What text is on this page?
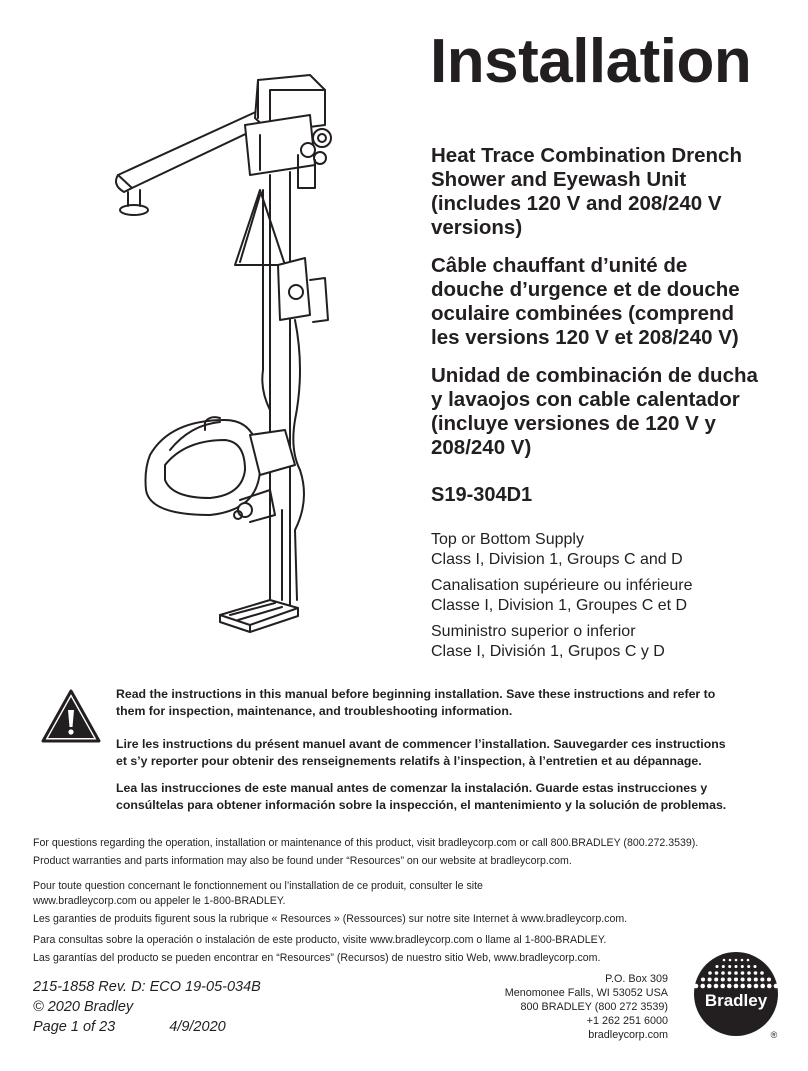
Installation
Heat Trace Combination Drench
Shower and Eyewash Unit
(includes 120 V and 208/240 V
versions)
Câble chauffant d’unité de
douche d’urgence et de douche
oculaire combinées (comprend
les versions 120 V et 208/240 V)
Unidad de combinación de ducha
y lavaojos con cable calentador
(incluye versiones de 120 V y
208/240 V)
S19-304D1
Top or Bottom Supply
Class I, Division 1, Groups C and D
Canalisation supérieure ou inférieure
Classe I, Division 1, Groupes C et D
Suministro superior o inferior
Clase I, División 1, Grupos C y D
Read the instructions in this manual before beginning installation. Save these instructions and refer to
them for inspection, maintenance, and troubleshooting information.
Lire les instructions du présent manuel avant de commencer l’installation. Sauvegarder ces instructions
et s’y reporter pour obtenir des renseignements relatifs à l’inspection, à l’entretien et au dépannage.
Lea las instrucciones de este manual antes de comenzar la instalación. Guarde estas instrucciones y
consúltelas para obtener información sobre la inspección, el mantenimiento y la solución de problemas.
For questions regarding the operation, installation or maintenance of this product, visit bradleycorp.com or call 800.BRADLEY (800.272.3539).
Product warranties and parts information may also be found under “Resources” on our website at bradleycorp.com.
Pour toute question concernant le fonctionnement ou l’installation de ce produit, consulter le site
www.bradleycorp.com ou appeler le 1-800-BRADLEY.
Les garanties de produits figurent sous la rubrique « Resources » (Ressources) sur notre site Internet à www.bradleycorp.com.
Para consultas sobre la operación o instalación de este producto, visite www.bradleycorp.com o llame al 1-800-BRADLEY.
Las garantías del producto se pueden encontrar en “Resources” (Recursos) de nuestro sitio Web, www.bradleycorp.com.
215-1858 Rev. D: ECO 19-05-034B
© 2020 Bradley
Page 1 of 23	4/9/2020
P.O. Box 309
Menomonee Falls, WI 53052 USA
800 BRADLEY (800 272 3539)
+1 262 251 6000
bradleycorp.com
Bradley
®
